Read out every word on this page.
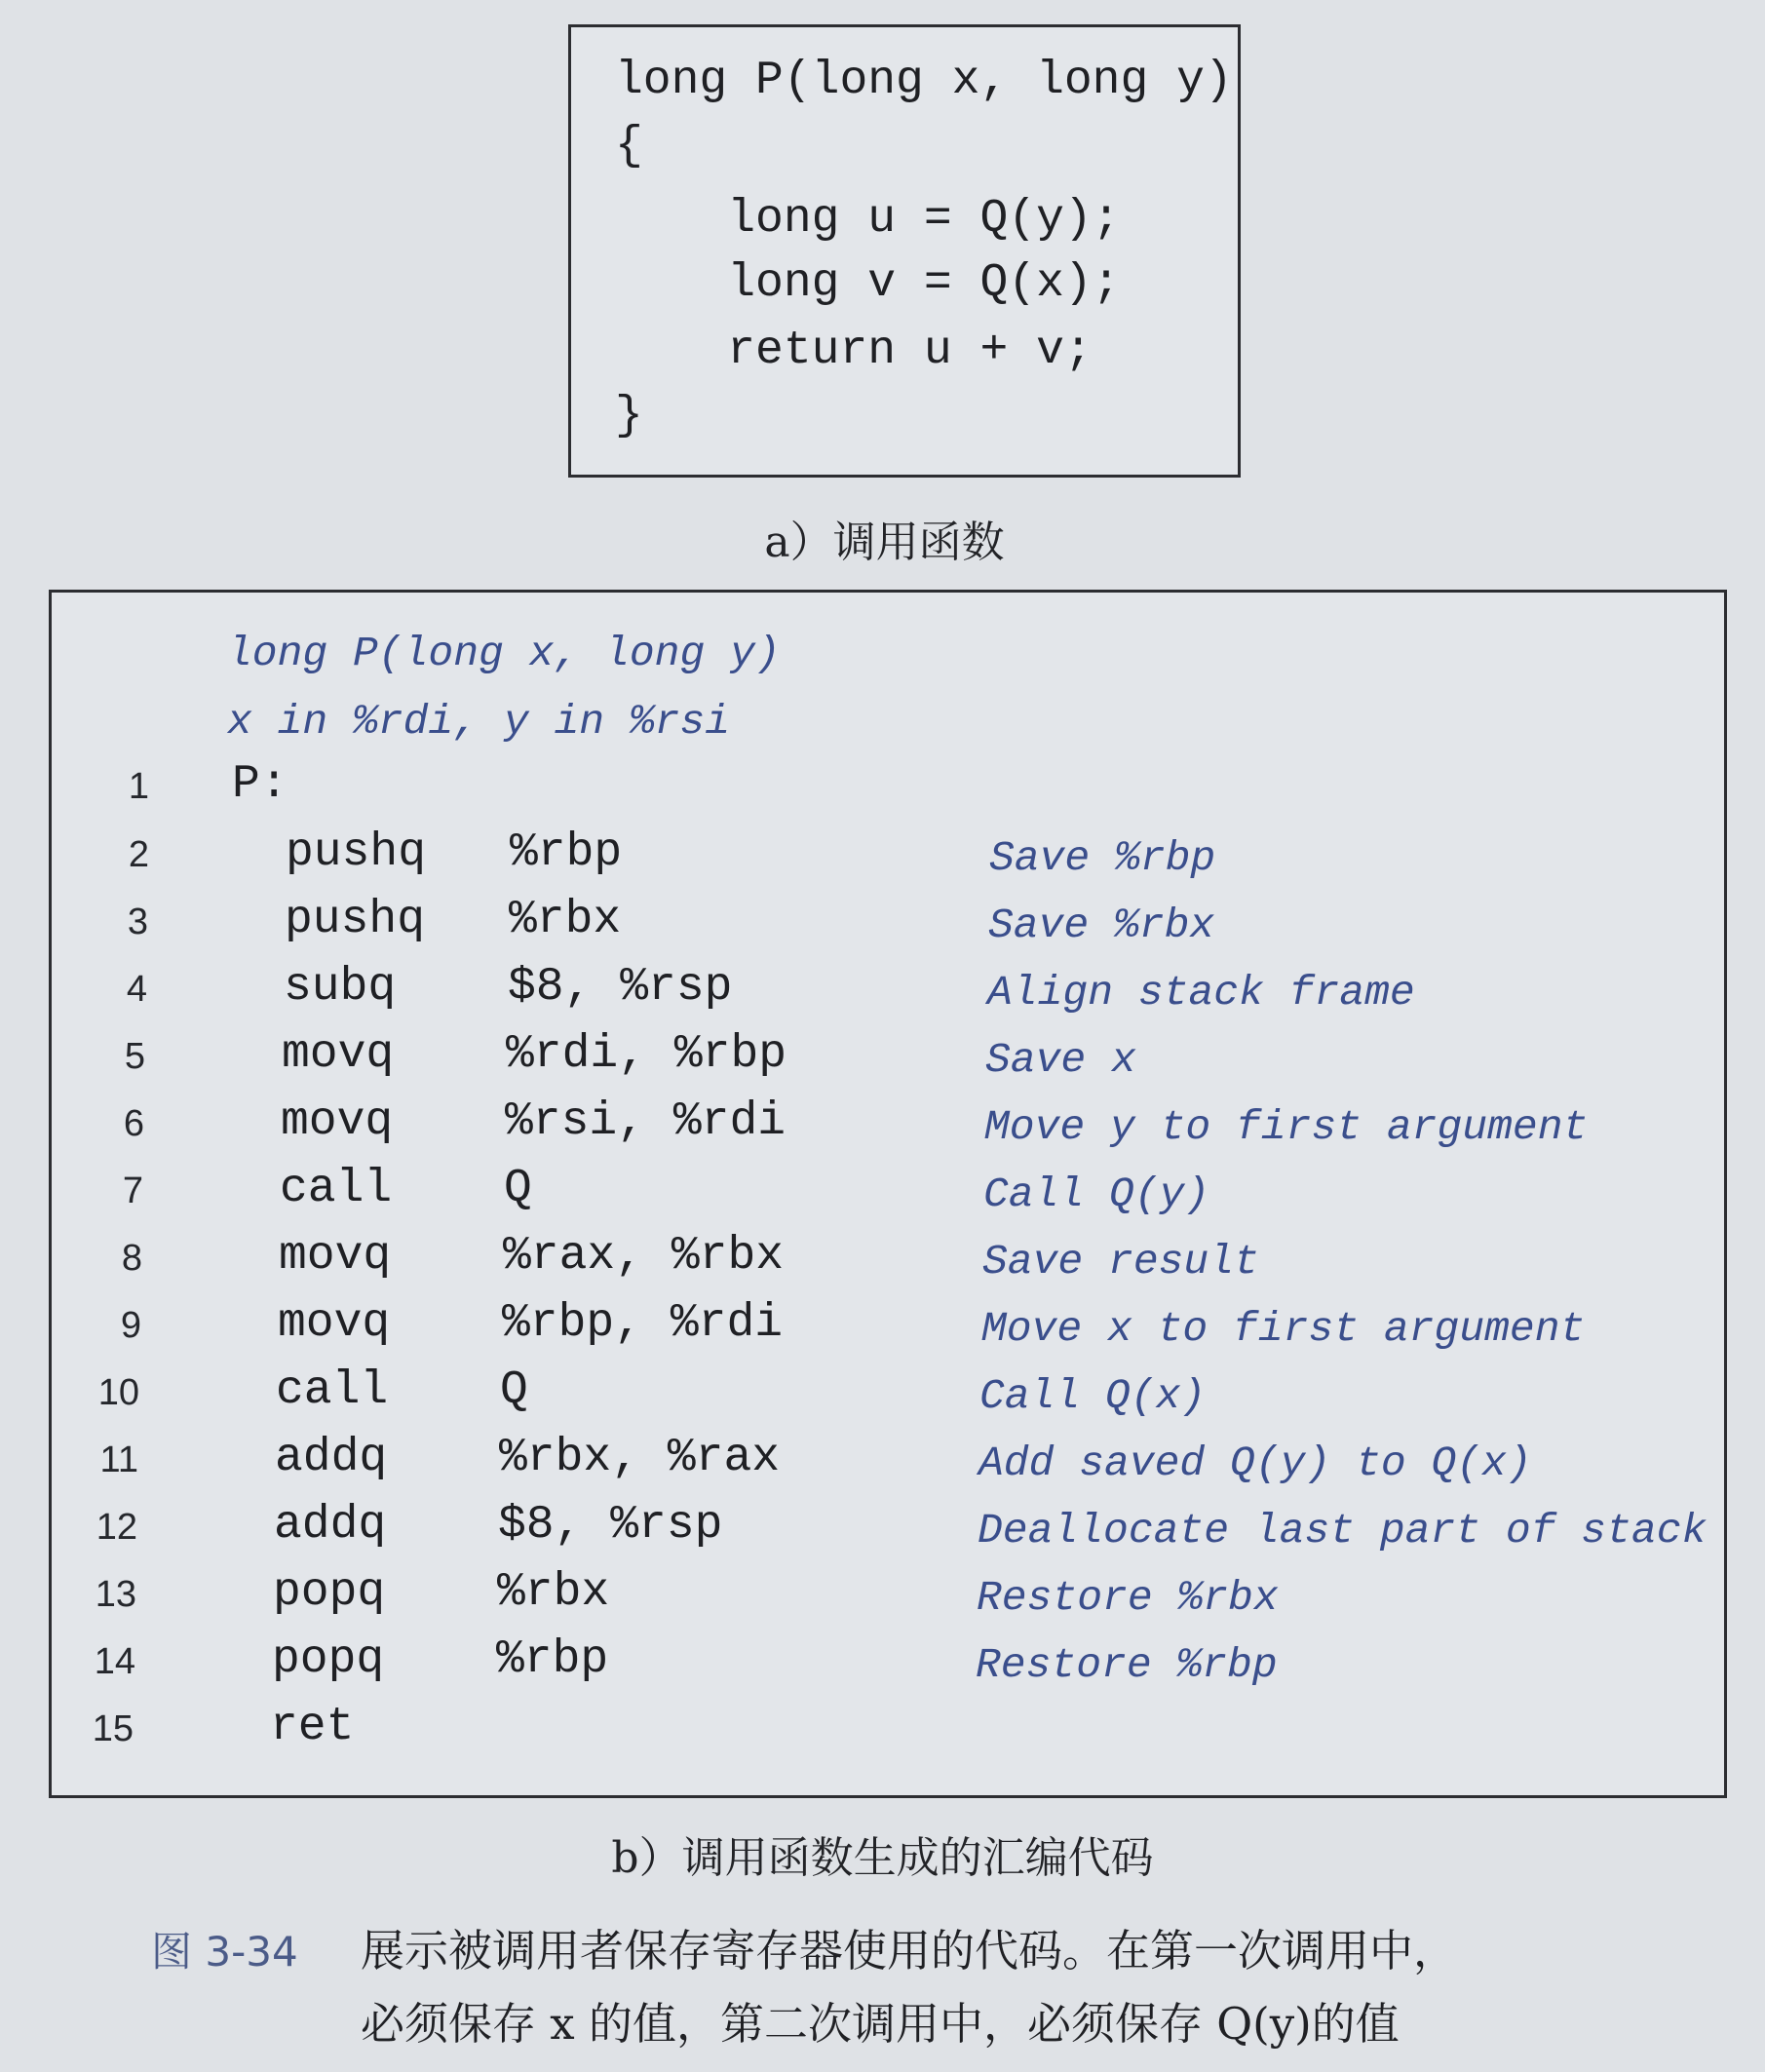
long P(long x, long y)
{
long u = Q(y);
long v = Q(x);
return u + v;
}
a）调用函数
long P(long x, long y)
x in %rdi, y in %rsi
1 P:
2	pushq %rbp	Save %rbp
3	pushq %rbx	Save %rbx
4	subq $8, %rsp	Align stack frame
5	movq %rdi, %rbp	Save x
6	movq %rsi, %rdi	Move y to first argument
7	call Q	Call Q(y)
8	movq %rax, %rbx	Save result
9	movq %rbp, %rdi	Move x to first argument
10	call Q	Call Q(x)
11	addq %rbx, %rax	Add saved Q(y) to Q(x)
12	addq $8, %rsp	Deallocate last part of stack
13	popq %rbx	Restore %rbx
14	popq %rbp	Restore %rbp
15	ret
b）调用函数生成的汇编代码
图 3-34 展示被调用者保存寄存器使用的代码。在第一次调用中，
必须保存 x 的值，第二次调用中，必须保存 Q(y)的值
